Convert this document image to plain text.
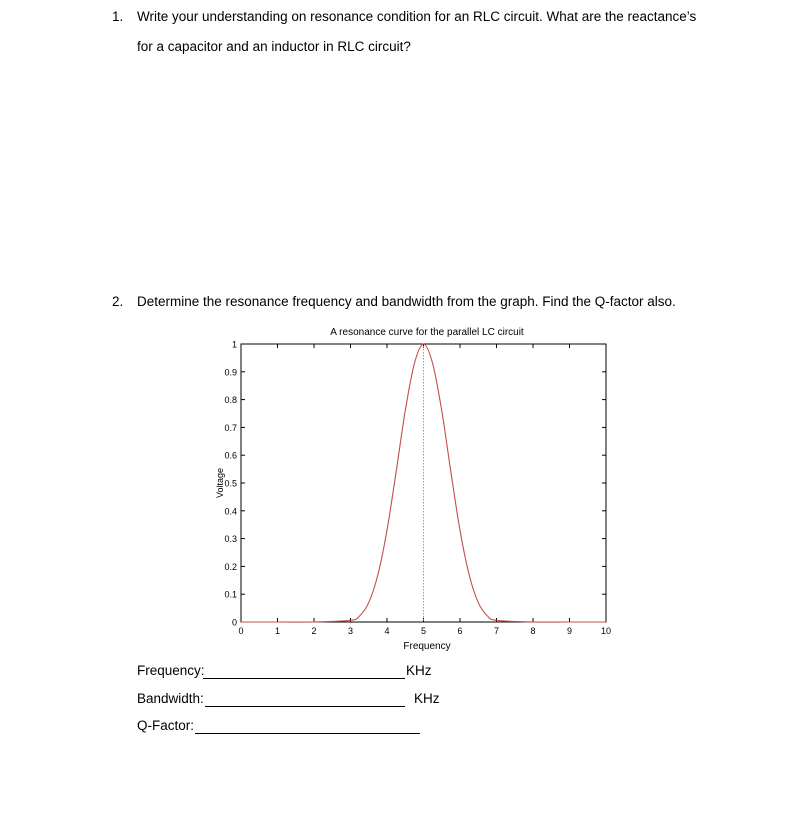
1. Write your understanding on resonance condition for an RLC circuit. What are the reactance’s
for a capacitor and an inductor in RLC circuit?
2. Determine the resonance frequency and bandwidth from the graph. Find the Q-factor also.
A resonance curve for the parallel LC circuit
0
0.1
0.2
0.3
0.4
0.5
0.6
0.7
0.8
0.9
1
0	1	2	3	4	5	6	7	8	9	10
Frequency
Voltage
Frequency:	KHz
Bandwidth:	KHz
Q-Factor:
